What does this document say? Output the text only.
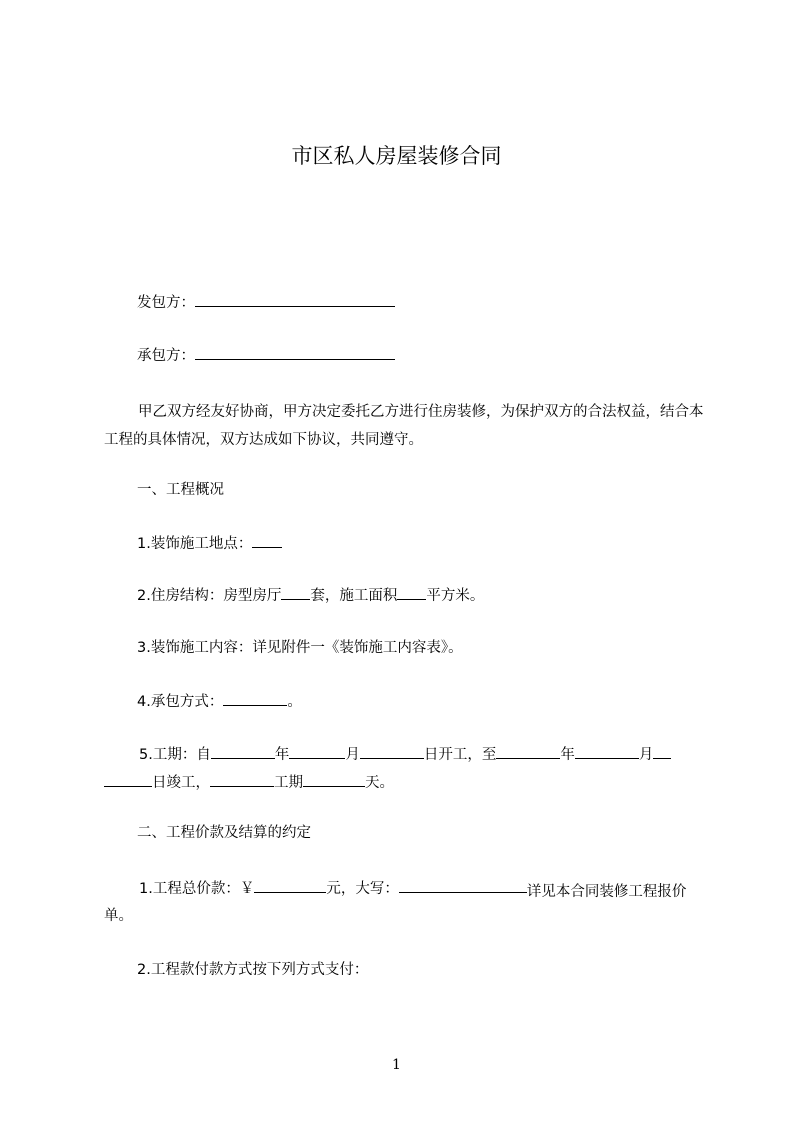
市区私人房屋装修合同
发包方：
承包方：
甲乙双方经友好协商，甲方决定委托乙方进行住房装修，为保护双方的合法权益，结合本工程的具体情况，双方达成如下协议，共同遵守。
一、工程概况
1.装饰施工地点：
2.住房结构：房型房厅 套，施工面积 平方米。
3.装饰施工内容：详见附件一《装饰施工内容表》。
4.承包方式：	。
5.工期：自	年	月	日开工，至	年	月
日竣工，	工期	天。
二、工程价款及结算的约定
1.工程总价款：￥	元，大写：	详见本合同装修工程报价
单。
2.工程款付款方式按下列方式支付：
1
